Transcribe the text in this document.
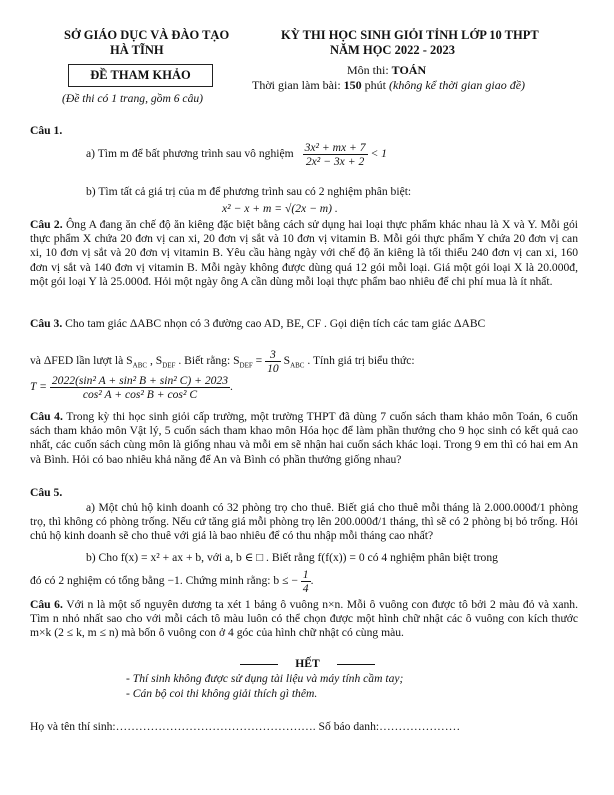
SỞ GIÁO DỤC VÀ ĐÀO TẠO
HÀ TĨNH
KỲ THI HỌC SINH GIỎI TỈNH LỚP 10 THPT
NĂM HỌC 2022 - 2023
ĐỀ THAM KHẢO	Môn thi: TOÁN
Thời gian làm bài: 150 phút (không kể thời gian giao đề)
(Đề thi có 1 trang, gồm 6 câu)
Câu 1.
a) Tìm m để bất phương trình sau vô nghiệm $\frac{\text{3x² + mx + 7}}{\text{2x² − 3x + 2}} < 1$
b) Tìm tất cả giá trị của m để phương trình sau có 2 nghiệm phân biệt:
x² − x + m = √(2x − m) .
Câu 2. Ông A đang ăn chế độ ăn kiêng đặc biệt bằng cách sử dụng hai loại thực phẩm khác nhau là X và Y. Mỗi gói thực phẩm X chứa 20 đơn vị can xi, 20 đơn vị sắt và 10 đơn vị vitamin B. Mỗi gói thực phẩm Y chứa 20 đơn vị can xi, 10 đơn vị sắt và 20 đơn vị vitamin B. Yêu cầu hàng ngày với chế độ ăn kiêng là tối thiểu 240 đơn vị can xi, 160 đơn vị sắt và 140 đơn vị vitamin B. Mỗi ngày không được dùng quá 12 gói mỗi loại. Giá một gói loại X là 20.000đ, một gói loại Y là 25.000đ. Hỏi một ngày ông A cần dùng mỗi loại thực phẩm bao nhiêu để chi phí mua là ít nhất.
Câu 3. Cho tam giác ΔABC nhọn có 3 đường cao AD, BE, CF . Gọi diện tích các tam giác ΔABC
và ΔFED lần lượt là $S_{ABC}$ , $S_{DEF}$ . Biết rằng: $S_{DEF} = \frac{3}{10} S_{ABC}$ . Tính giá trị biểu thức:
$T = \frac{\text{2022(sin² A + sin² B + sin² C) + 2023}}{\text{cos² A + cos² B + cos² C}}$ .
Câu 4. Trong kỳ thi học sinh giỏi cấp trường, một trường THPT đã dùng 7 cuốn sách tham khảo môn Toán, 6 cuốn sách tham khảo môn Vật lý, 5 cuốn sách tham khao môn Hóa học để làm phần thưởng cho 9 học sinh có kết quả cao nhất, các cuốn sách cùng môn là giống nhau và mỗi em sẽ nhận hai cuốn sách khác loại. Trong 9 em thì có hai em An và Bình. Hỏi có bao nhiêu khả năng để An và Bình có phần thưởng giống nhau?
Câu 5.
a) Một chủ hộ kinh doanh có 32 phòng trọ cho thuê. Biết giá cho thuê mỗi tháng là 2.000.000đ/1 phòng trọ, thì không có phòng trống. Nếu cứ tăng giá mỗi phòng trọ lên 200.000đ/1 tháng, thì sẽ có 2 phòng bị bỏ trống. Hỏi chủ hộ kinh doanh sẽ cho thuê với giá là bao nhiêu để có thu nhập mỗi tháng cao nhất?
b) Cho f(x) = x² + ax + b, với a, b ∈ □ . Biết rằng f(f(x)) = 0 có 4 nghiệm phân biệt trong
đó có 2 nghiệm có tổng bằng −1. Chứng minh rằng: b ≤ − $\frac{1}{4}$ .
Câu 6. Với n là một số nguyên dương ta xét 1 bảng ô vuông n×n. Mỗi ô vuông con được tô bởi 2 màu đỏ và xanh. Tìm n nhỏ nhất sao cho với mỗi cách tô màu luôn có thể chọn được một hình chữ nhật các ô vuông con kích thước m×k (2 ≤ k, m ≤ n) mà bốn ô vuông con ở 4 góc của hình chữ nhật có cùng màu.
HẾT
- Thí sinh không được sử dụng tài liệu và máy tính cầm tay;
- Cán bộ coi thi không giải thích gì thêm.
Họ và tên thí sinh:……………………………………………. Số báo danh:…………………
